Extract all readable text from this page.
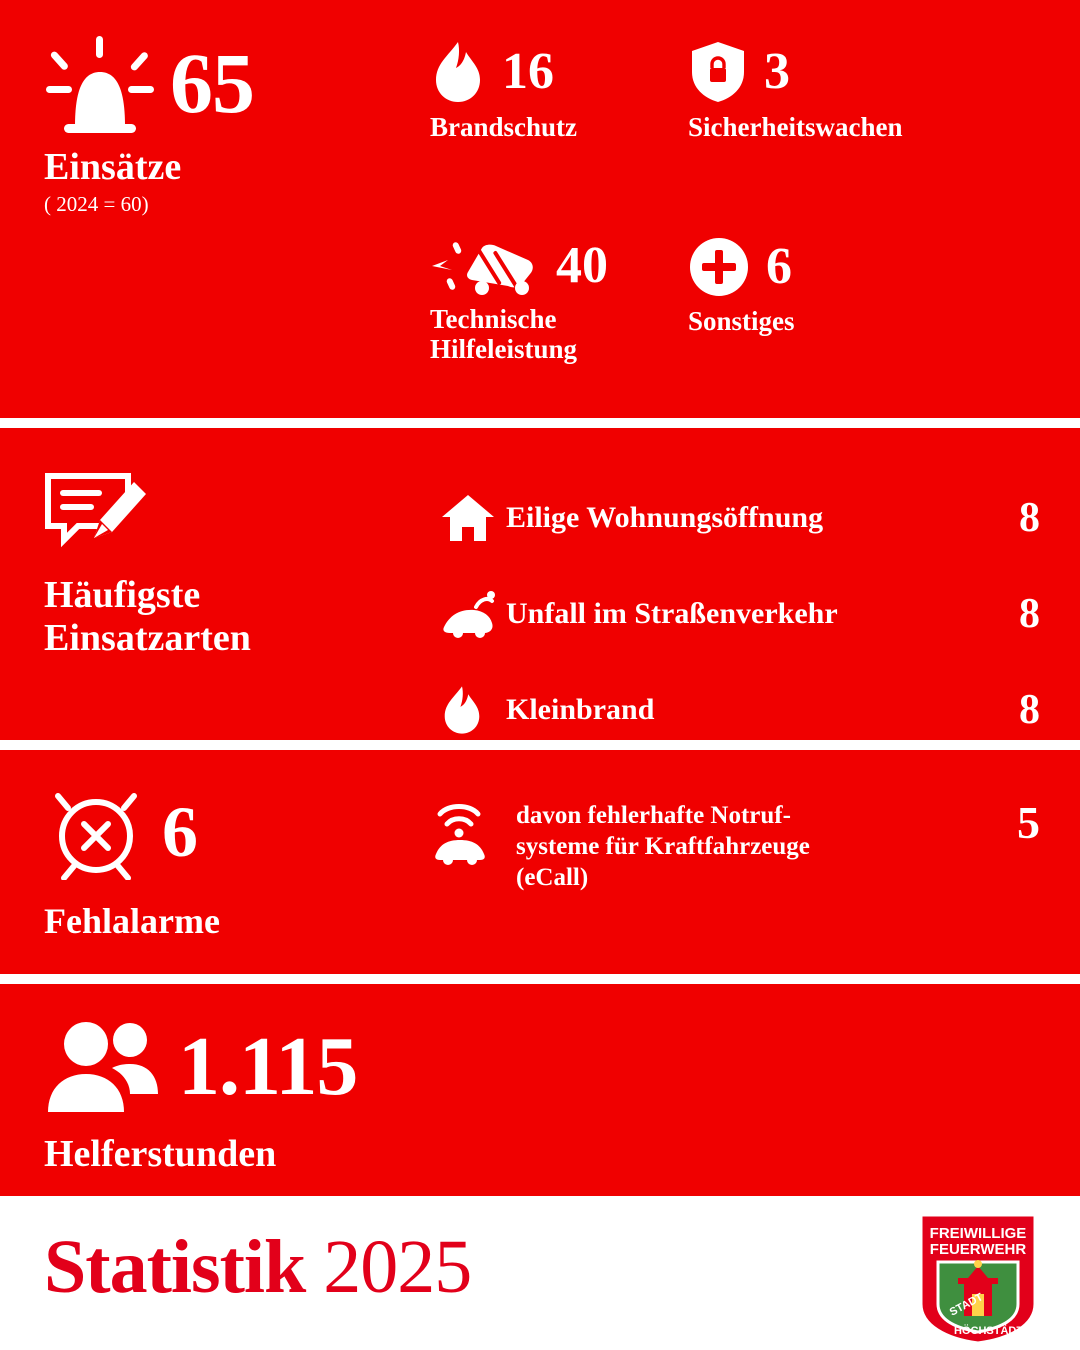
65
Einsätze
( 2024 = 60)
16
Brandschutz
3
Sicherheitswachen
40
Technische Hilfeleistung
6
Sonstiges
Häufigste
Einsatzarten
Eilige Wohnungsöffnung	8
Unfall im Straßenverkehr	8
Kleinbrand	8
6
Fehlalarme
davon fehlerhafte Notruf-
systeme für Kraftfahrzeuge
(eCall)
5
1.115
Helferstunden
Statistik 2025	FREIWILLIGE
FEUERWEHR
STADT
HÖCHSTÄDT
